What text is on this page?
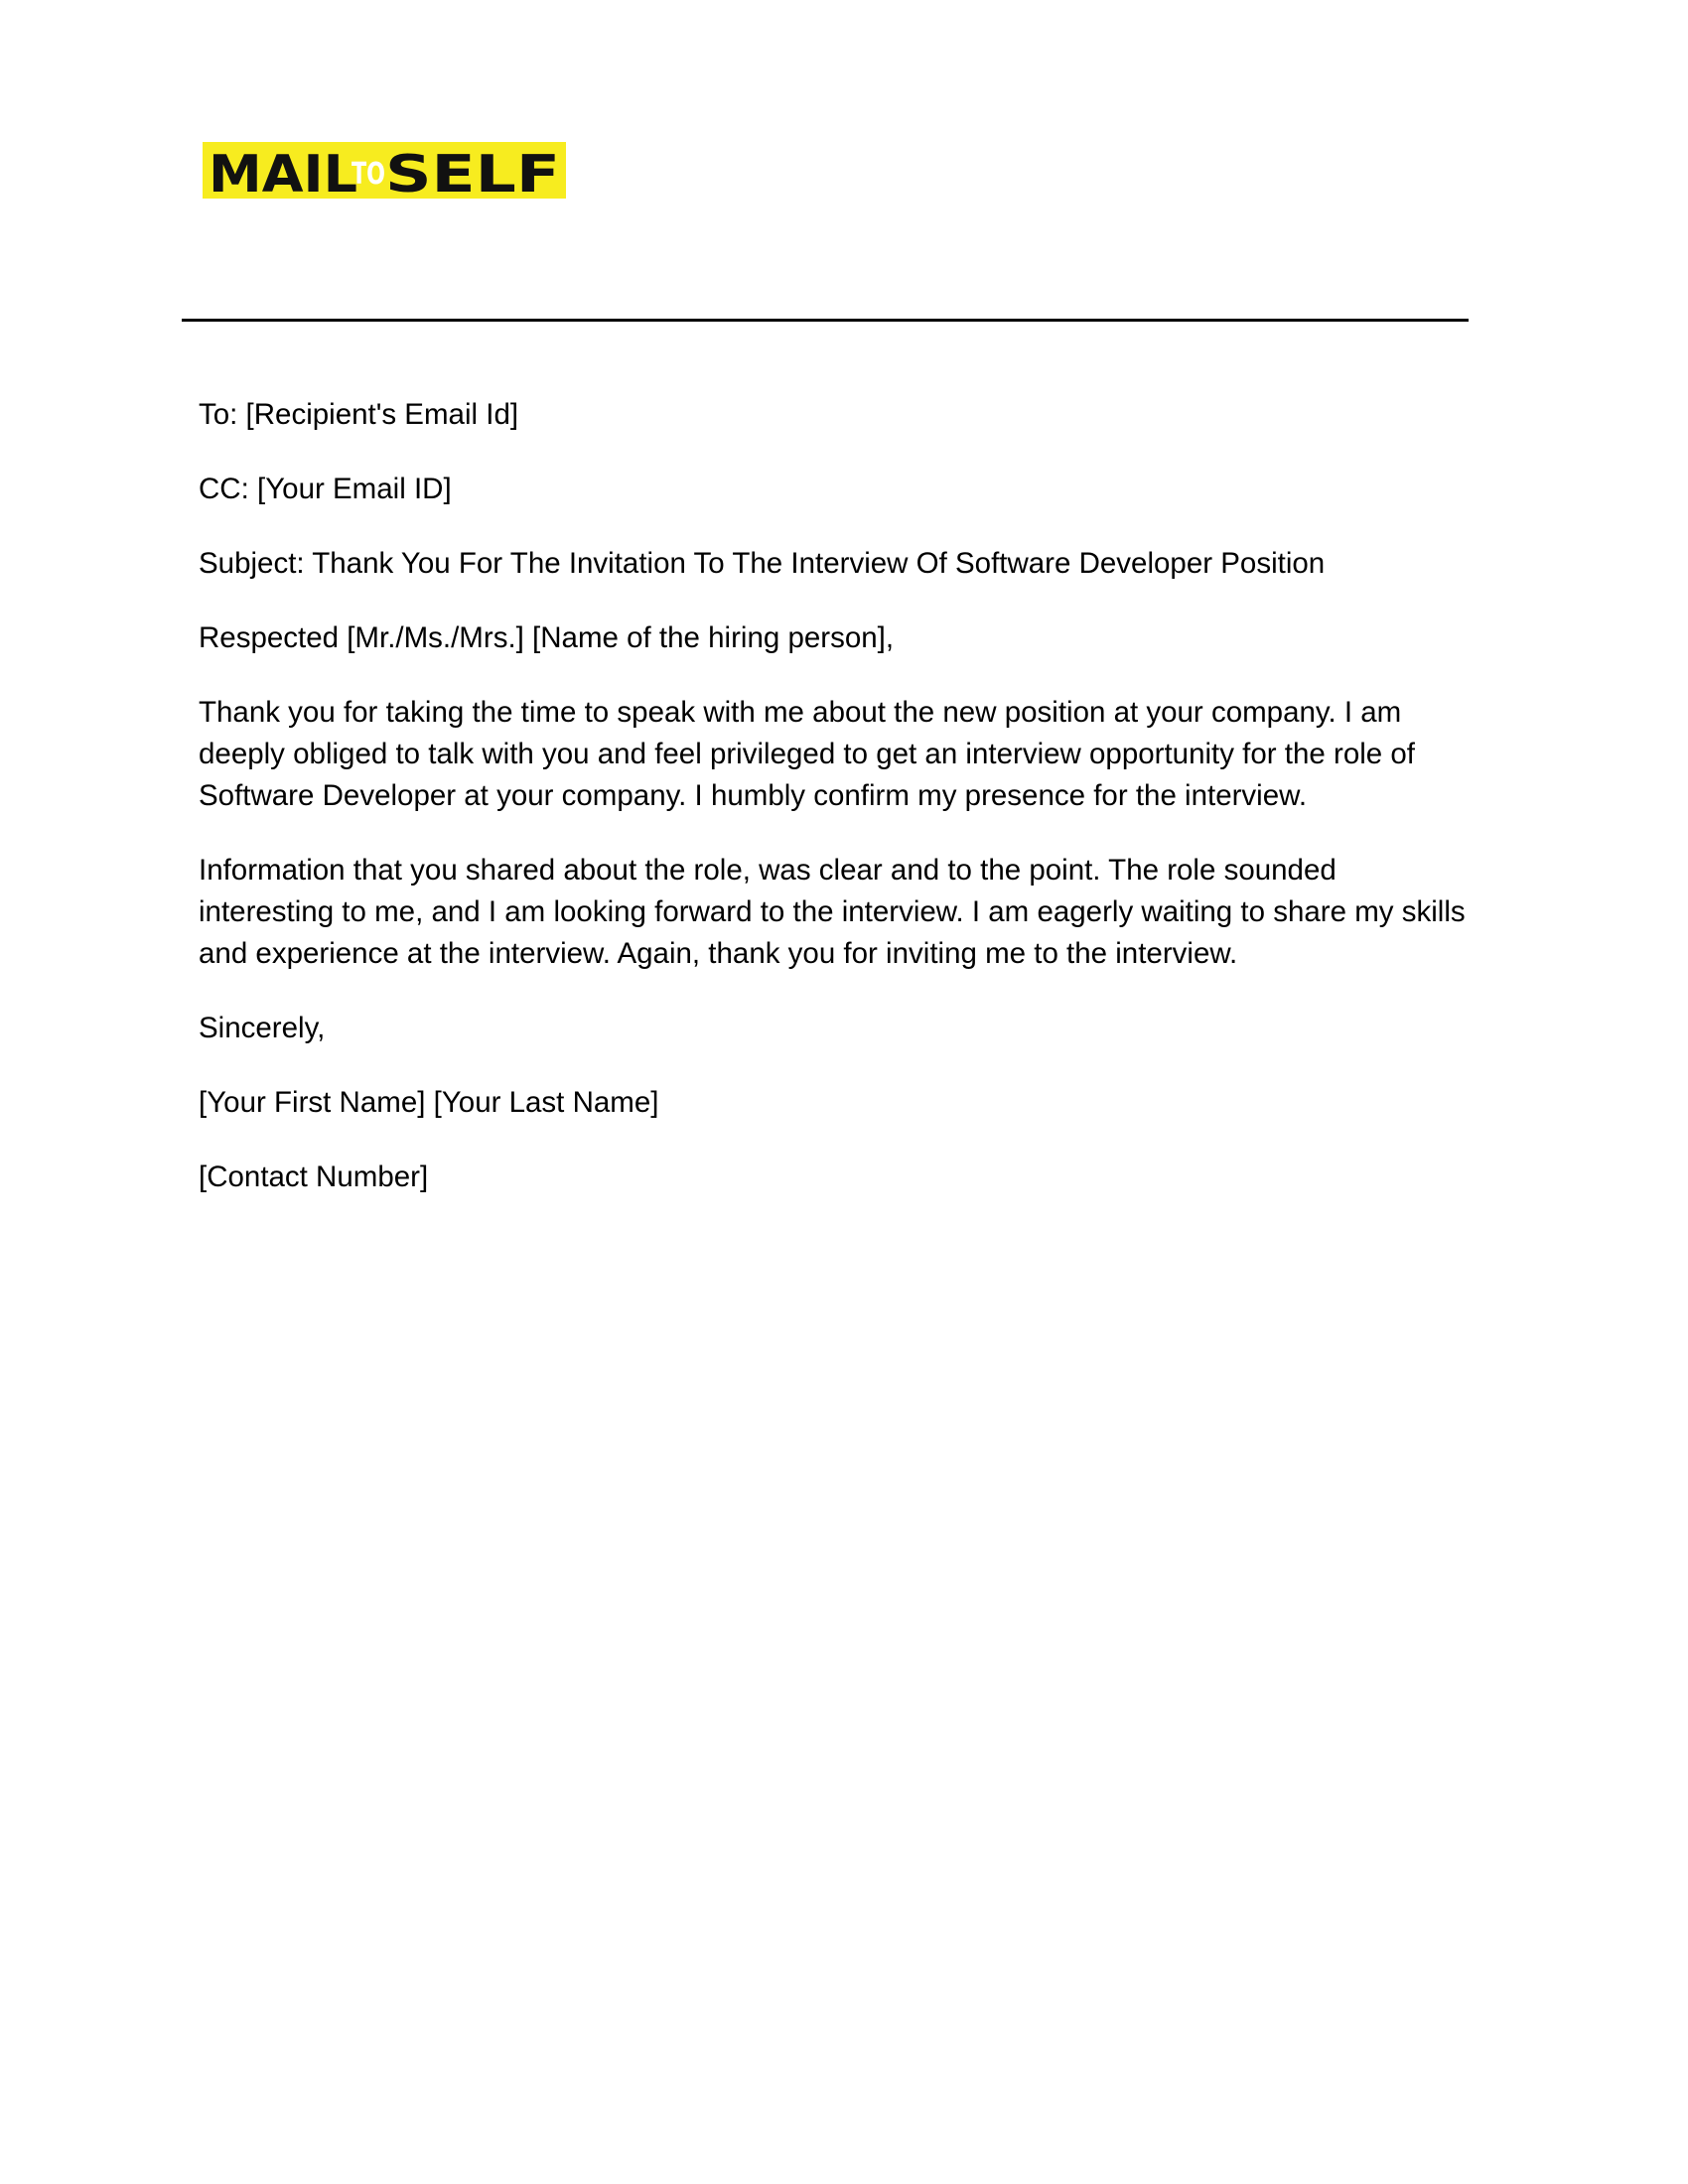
MAIL
TO SELF

To: [Recipient's Email Id]

CC: [Your Email ID]

Subject: Thank You For The Invitation To The Interview Of Software Developer Position

Respected [Mr./Ms./Mrs.] [Name of the hiring person],

Thank you for taking the time to speak with me about the new position at your company. I am deeply obliged to talk with you and feel privileged to get an interview opportunity for the role of Software Developer at your company. I humbly confirm my presence for the interview.

Information that you shared about the role, was clear and to the point. The role sounded interesting to me, and I am looking forward to the interview. I am eagerly waiting to share my skills and experience at the interview. Again, thank you for inviting me to the interview.

Sincerely,

[Your First Name] [Your Last Name]

[Contact Number]
